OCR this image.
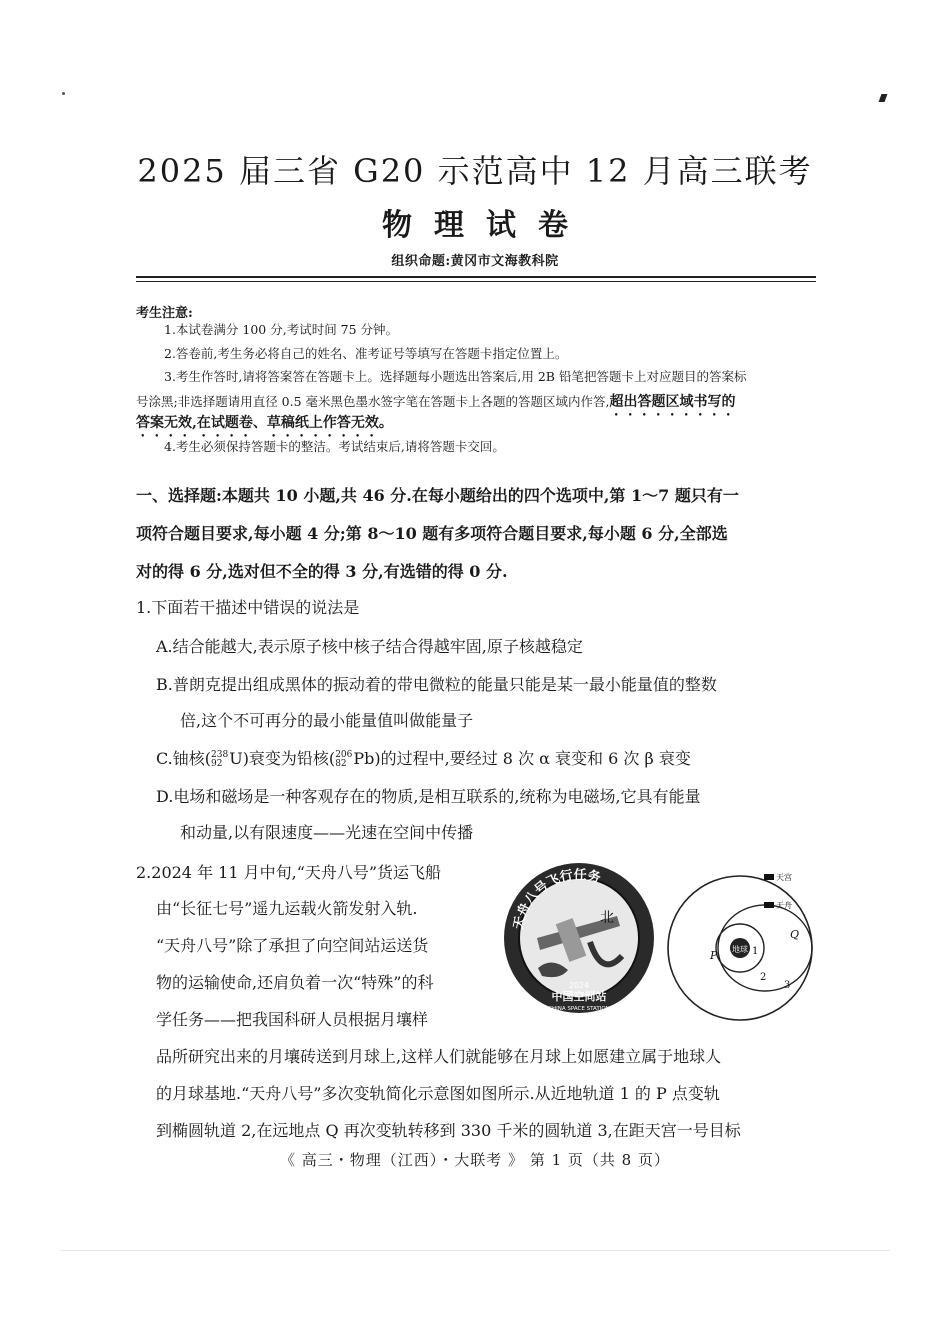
2025 届三省 G20 示范高中 12 月高三联考
物理试卷
组织命题:黄冈市文海教科院
考生注意:
1.本试卷满分 100 分,考试时间 75 分钟。
2.答卷前,考生务必将自己的姓名、准考证号等填写在答题卡指定位置上。
3.考生作答时,请将答案答在答题卡上。选择题每小题选出答案后,用 2B 铅笔把答题卡上对应题目的答案标
号涂黑;非选择题请用直径 0.5 毫米黑色墨水签字笔在答题卡上各题的答题区域内作答,超出答题区域书写的
答案无效,在试题卷、草稿纸上作答无效。
4.考生必须保持答题卡的整洁。考试结束后,请将答题卡交回。
一、选择题:本题共 10 小题,共 46 分.在每小题给出的四个选项中,第 1～7 题只有一
项符合题目要求,每小题 4 分;第 8～10 题有多项符合题目要求,每小题 6 分,全部选
对的得 6 分,选对但不全的得 3 分,有选错的得 0 分.
1.下面若干描述中错误的说法是
A.结合能越大,表示原子核中核子结合得越牢固,原子核越稳定
B.普朗克提出组成黑体的振动着的带电微粒的能量只能是某一最小能量值的整数
倍,这个不可再分的最小能量值叫做能量子
C.铀核( 238
92 U)衰变为铅核( 206
82 Pb)的过程中,要经过 8 次 α 衰变和 6 次 β 衰变
D.电场和磁场是一种客观存在的物质,是相互联系的,统称为电磁场,它具有能量
和动量,以有限速度——光速在空间中传播
2.2024 年 11 月中旬,“天舟八号”货运飞船
由“长征七号”遥九运载火箭发射入轨.
“天舟八号”除了承担了向空间站运送货
物的运输使命,还肩负着一次“特殊”的科
学任务——把我国科研人员根据月壤样
品所研究出来的月壤砖送到月球上,这样人们就能够在月球上如愿建立属于地球人
的月球基地.“天舟八号”多次变轨简化示意图如图所示.从近地轨道 1 的 P 点变轨
到椭圆轨道 2,在远地点 Q 再次变轨转移到 330 千米的圆轨道 3,在距天宫一号目标
天舟八号飞行任务
北
2024
中国空间站
CHINA SPACE STATION
地球
天宫
天舟
P
Q
1
2
3
《 高三・物理（江西）・大联考 》 第 1 页（共 8 页）
